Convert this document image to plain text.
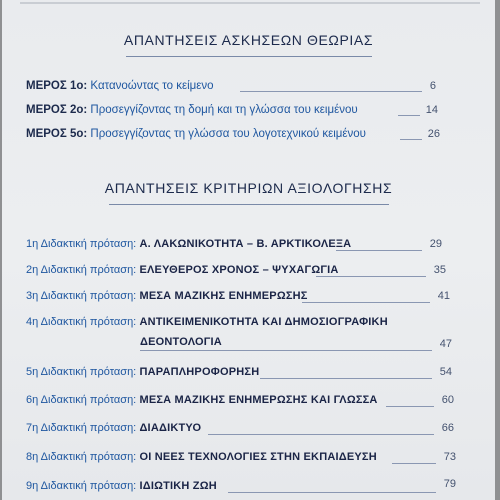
ΑΠΑΝΤΗΣΕΙΣ ΑΣΚΗΣΕΩΝ ΘΕΩΡΙΑΣ
ΜΕΡΟΣ 1ο: Κατανοώντας το κείμενο	6
ΜΕΡΟΣ 2ο: Προσεγγίζοντας τη δομή και τη γλώσσα του κειμένου	14
ΜΕΡΟΣ 5ο: Προσεγγίζοντας τη γλώσσα του λογοτεχνικού κειμένου	26
ΑΠΑΝΤΗΣΕΙΣ ΚΡΙΤΗΡΙΩΝ ΑΞΙΟΛΟΓΗΣΗΣ
1η Διδακτική πρόταση: Α. ΛΑΚΩΝΙΚΟΤΗΤΑ – Β. ΑΡΚΤΙΚΟΛΕΞΑ	29
2η Διδακτική πρόταση: ΕΛΕΥΘΕΡΟΣ ΧΡΟΝΟΣ – ΨΥΧΑΓΩΓΙΑ	35
3η Διδακτική πρόταση: ΜΕΣΑ ΜΑΖΙΚΗΣ ΕΝΗΜΕΡΩΣΗΣ	41
4η Διδακτική πρόταση: ΑΝΤΙΚΕΙΜΕΝΙΚΟΤΗΤΑ ΚΑΙ ΔΗΜΟΣΙΟΓΡΑΦΙΚΗ
ΔΕΟΝΤΟΛΟΓΙΑ	47
5η Διδακτική πρόταση: ΠΑΡΑΠΛΗΡΟΦΟΡΗΣΗ	54
6η Διδακτική πρόταση: ΜΕΣΑ ΜΑΖΙΚΗΣ ΕΝΗΜΕΡΩΣΗΣ ΚΑΙ ΓΛΩΣΣΑ	60
7η Διδακτική πρόταση: ΔΙΑΔΙΚΤΥΟ	66
8η Διδακτική πρόταση: ΟΙ ΝΕΕΣ ΤΕΧΝΟΛΟΓΙΕΣ ΣΤΗΝ ΕΚΠΑΙΔΕΥΣΗ	73
9η Διδακτική πρόταση: ΙΔΙΩΤΙΚΗ ΖΩΗ	79
